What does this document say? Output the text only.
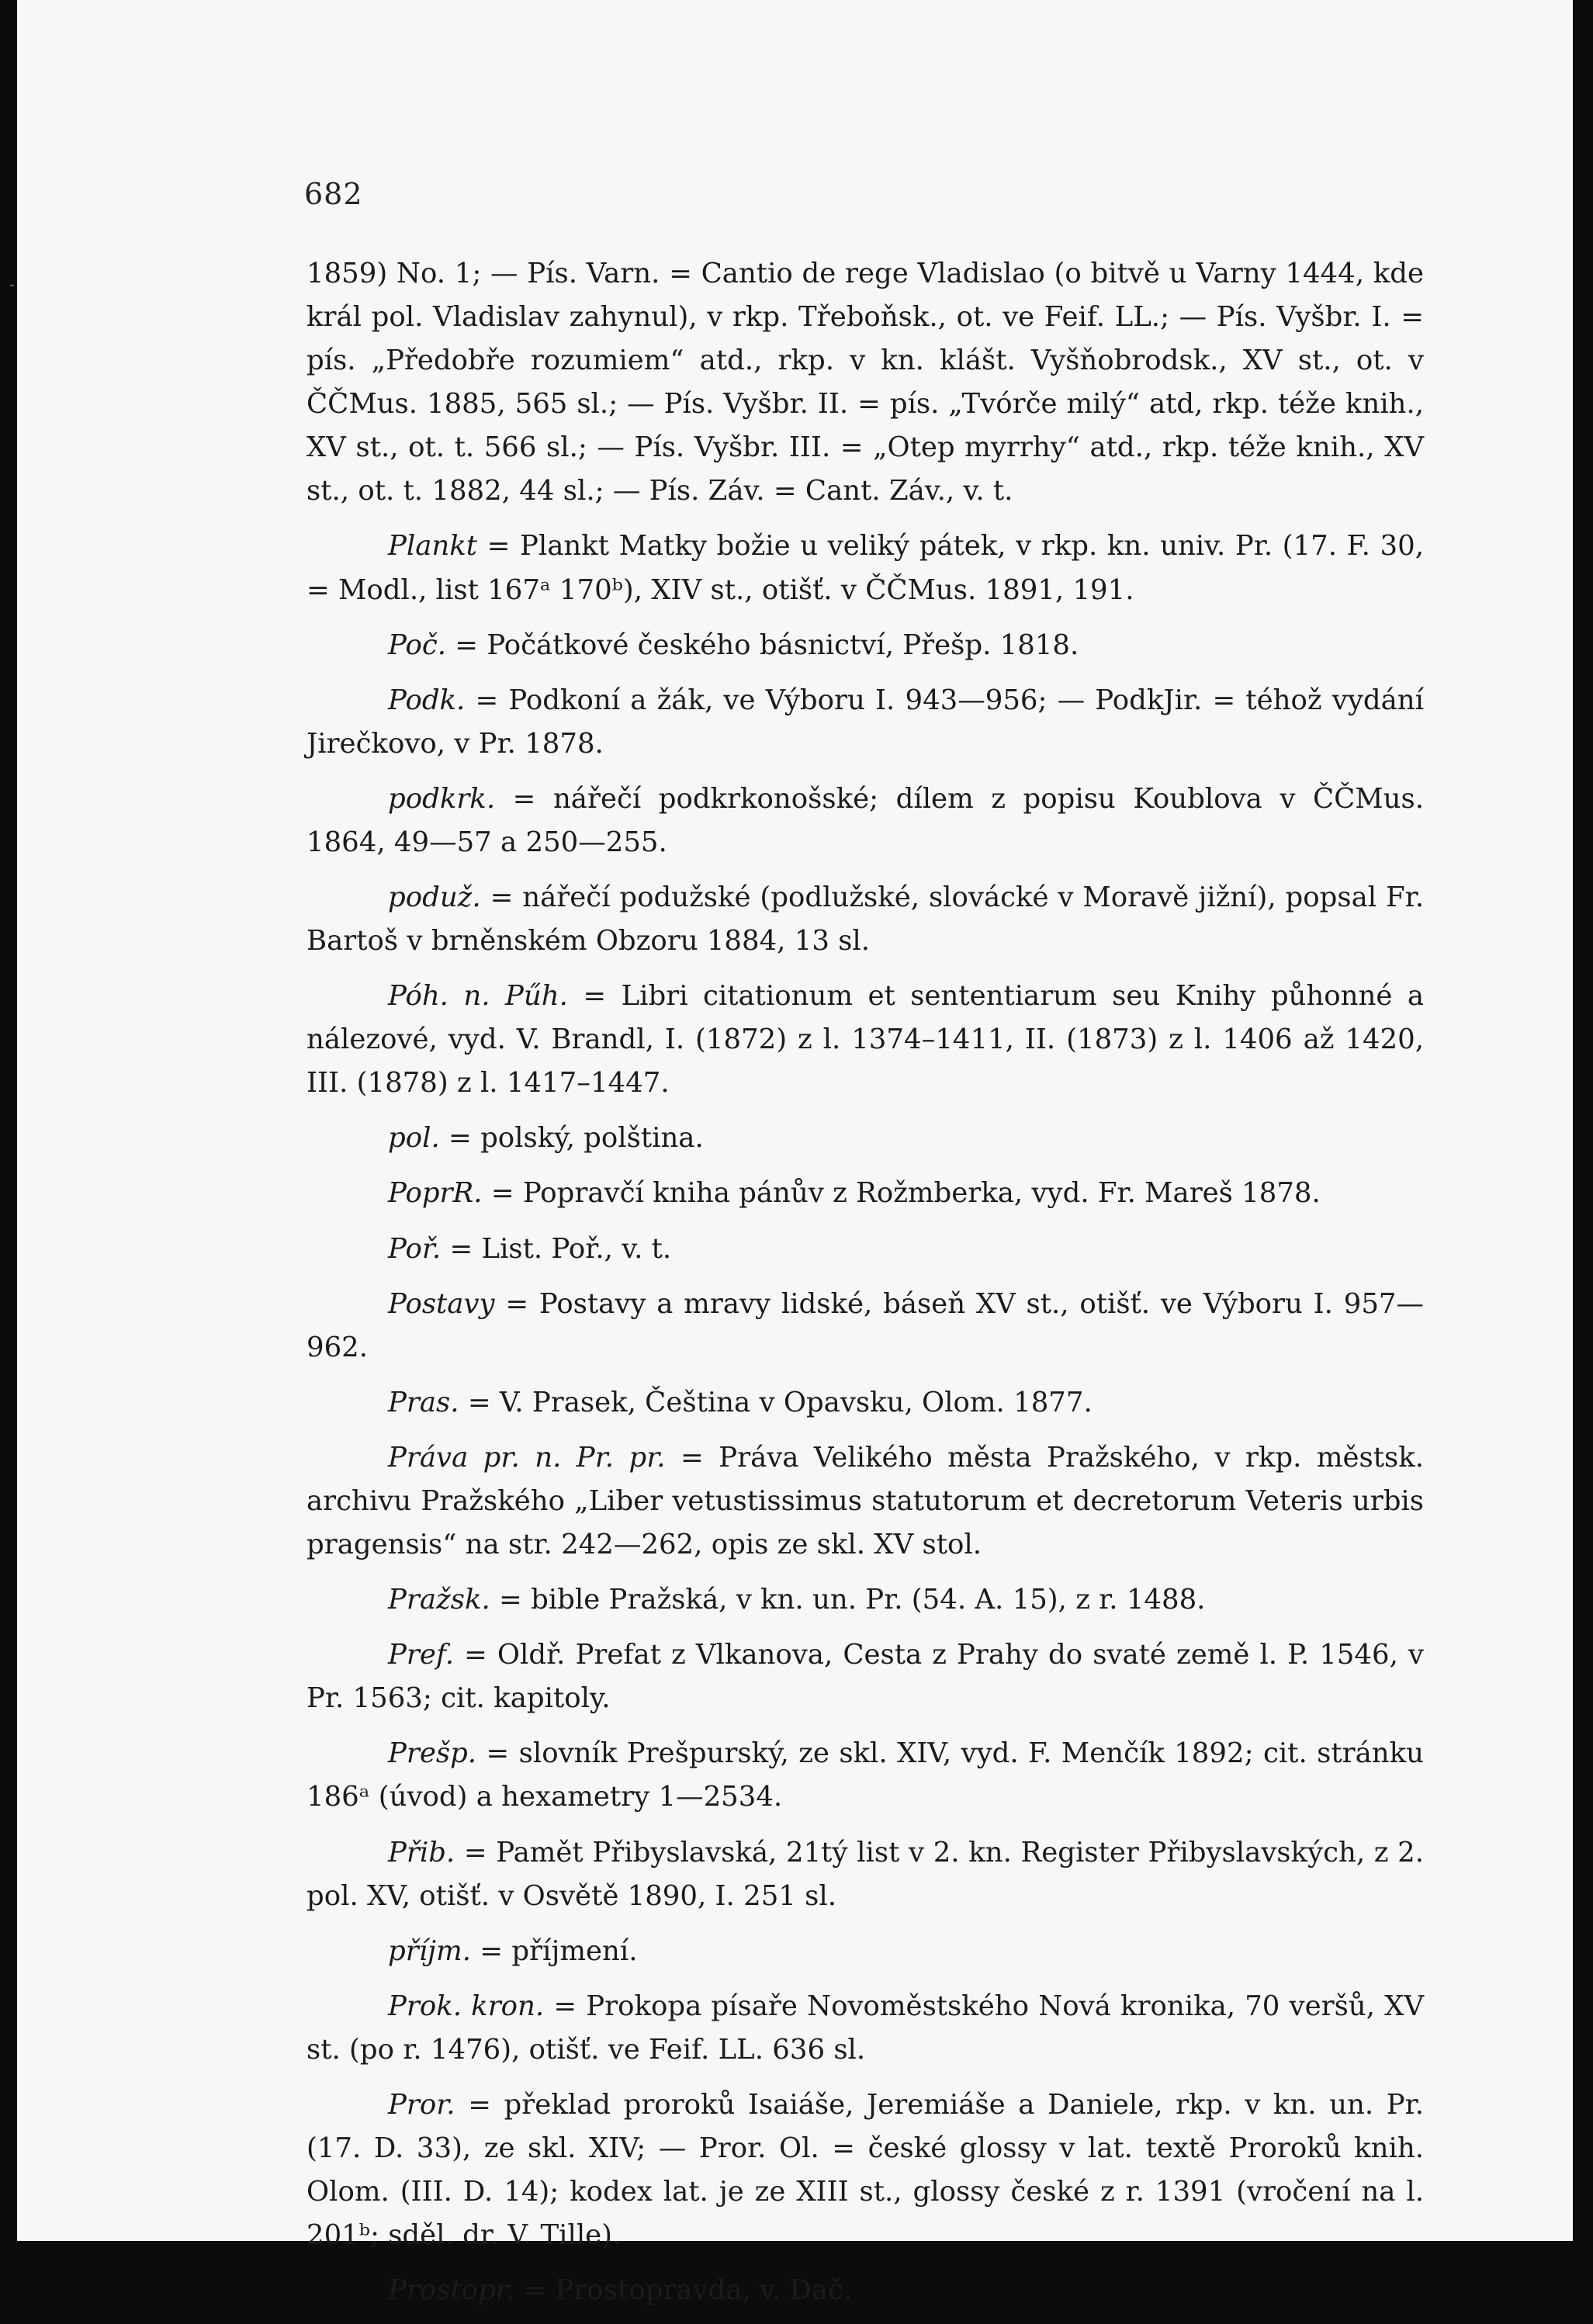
682

1859) No. 1; — Pís. Varn. = Cantio de rege Vladislao (o bitvě u Varny 1444, kde král pol. Vladislav zahynul), v rkp. Třeboňsk., ot. ve Feif. LL.; — Pís. Vyšbr. I. = pís. „Předobře rozumiem“ atd., rkp. v kn. klášt. Vyšňobrodsk., XV st., ot. v ČČMus. 1885, 565 sl.; — Pís. Vyšbr. II. = pís. „Tvórče milý“ atd, rkp. téže knih., XV st., ot. t. 566 sl.; — Pís. Vyšbr. III. = „Otep myrrhy“ atd., rkp. téže knih., XV st., ot. t. 1882, 44 sl.; — Pís. Záv. = Cant. Záv., v. t.

Plankt = Plankt Matky božie u veliký pátek, v rkp. kn. univ. Pr. (17. F. 30, = Modl., list 167ᵃ 170ᵇ), XIV st., otišť. v ČČMus. 1891, 191.

Poč. = Počátkové českého básnictví, Přešp. 1818.

Podk. = Podkoní a žák, ve Výboru I. 943—956; — PodkJir. = téhož vydání Jirečkovo, v Pr. 1878.

podkrk. = nářečí podkrkonošské; dílem z popisu Koublova v ČČMus. 1864, 49—57 a 250—255.

poduž. = nářečí podužské (podlužské, slovácké v Moravě jižní), popsal Fr. Bartoš v brněnském Obzoru 1884, 13 sl.

Póh. n. Pűh. = Libri citationum et sententiarum seu Knihy půhonné a nálezové, vyd. V. Brandl, I. (1872) z l. 1374–1411, II. (1873) z l. 1406 až 1420, III. (1878) z l. 1417–1447.

pol. = polský, polština.

PoprR. = Popravčí kniha pánův z Rožmberka, vyd. Fr. Mareš 1878.

Poř. = List. Poř., v. t.

Postavy = Postavy a mravy lidské, báseň XV st., otišť. ve Výboru I. 957—962.

Pras. = V. Prasek, Čeština v Opavsku, Olom. 1877.

Práva pr. n. Pr. pr. = Práva Velikého města Pražského, v rkp. městsk. archivu Pražského „Liber vetustissimus statutorum et decretorum Veteris urbis pragensis“ na str. 242—262, opis ze skl. XV stol.

Pražsk. = bible Pražská, v kn. un. Pr. (54. A. 15), z r. 1488.

Pref. = Oldř. Prefat z Vlkanova, Cesta z Prahy do svaté země l. P. 1546, v Pr. 1563; cit. kapitoly.

Prešp. = slovník Prešpurský, ze skl. XIV, vyd. F. Menčík 1892; cit. stránku 186ᵃ (úvod) a hexametry 1—2534.

Přib. = Pamět Přibyslavská, 21tý list v 2. kn. Register Přibyslavských, z 2. pol. XV, otišť. v Osvětě 1890, I. 251 sl.

příjm. = příjmení.

Prok. kron. = Prokopa písaře Novoměstského Nová kronika, 70 veršů, XV st. (po r. 1476), otišť. ve Feif. LL. 636 sl.

Pror. = překlad proroků Isaiáše, Jeremiáše a Daniele, rkp. v kn. un. Pr. (17. D. 33), ze skl. XIV; — Pror. Ol. = české glossy v lat. textě Proroků knih. Olom. (III. D. 14); kodex lat. je ze XIII st., glossy české z r. 1391 (vročení na l. 201ᵇ; sděl. dr. V. Tille).

Prostopr. = Prostopravda, v. Dač.

-
